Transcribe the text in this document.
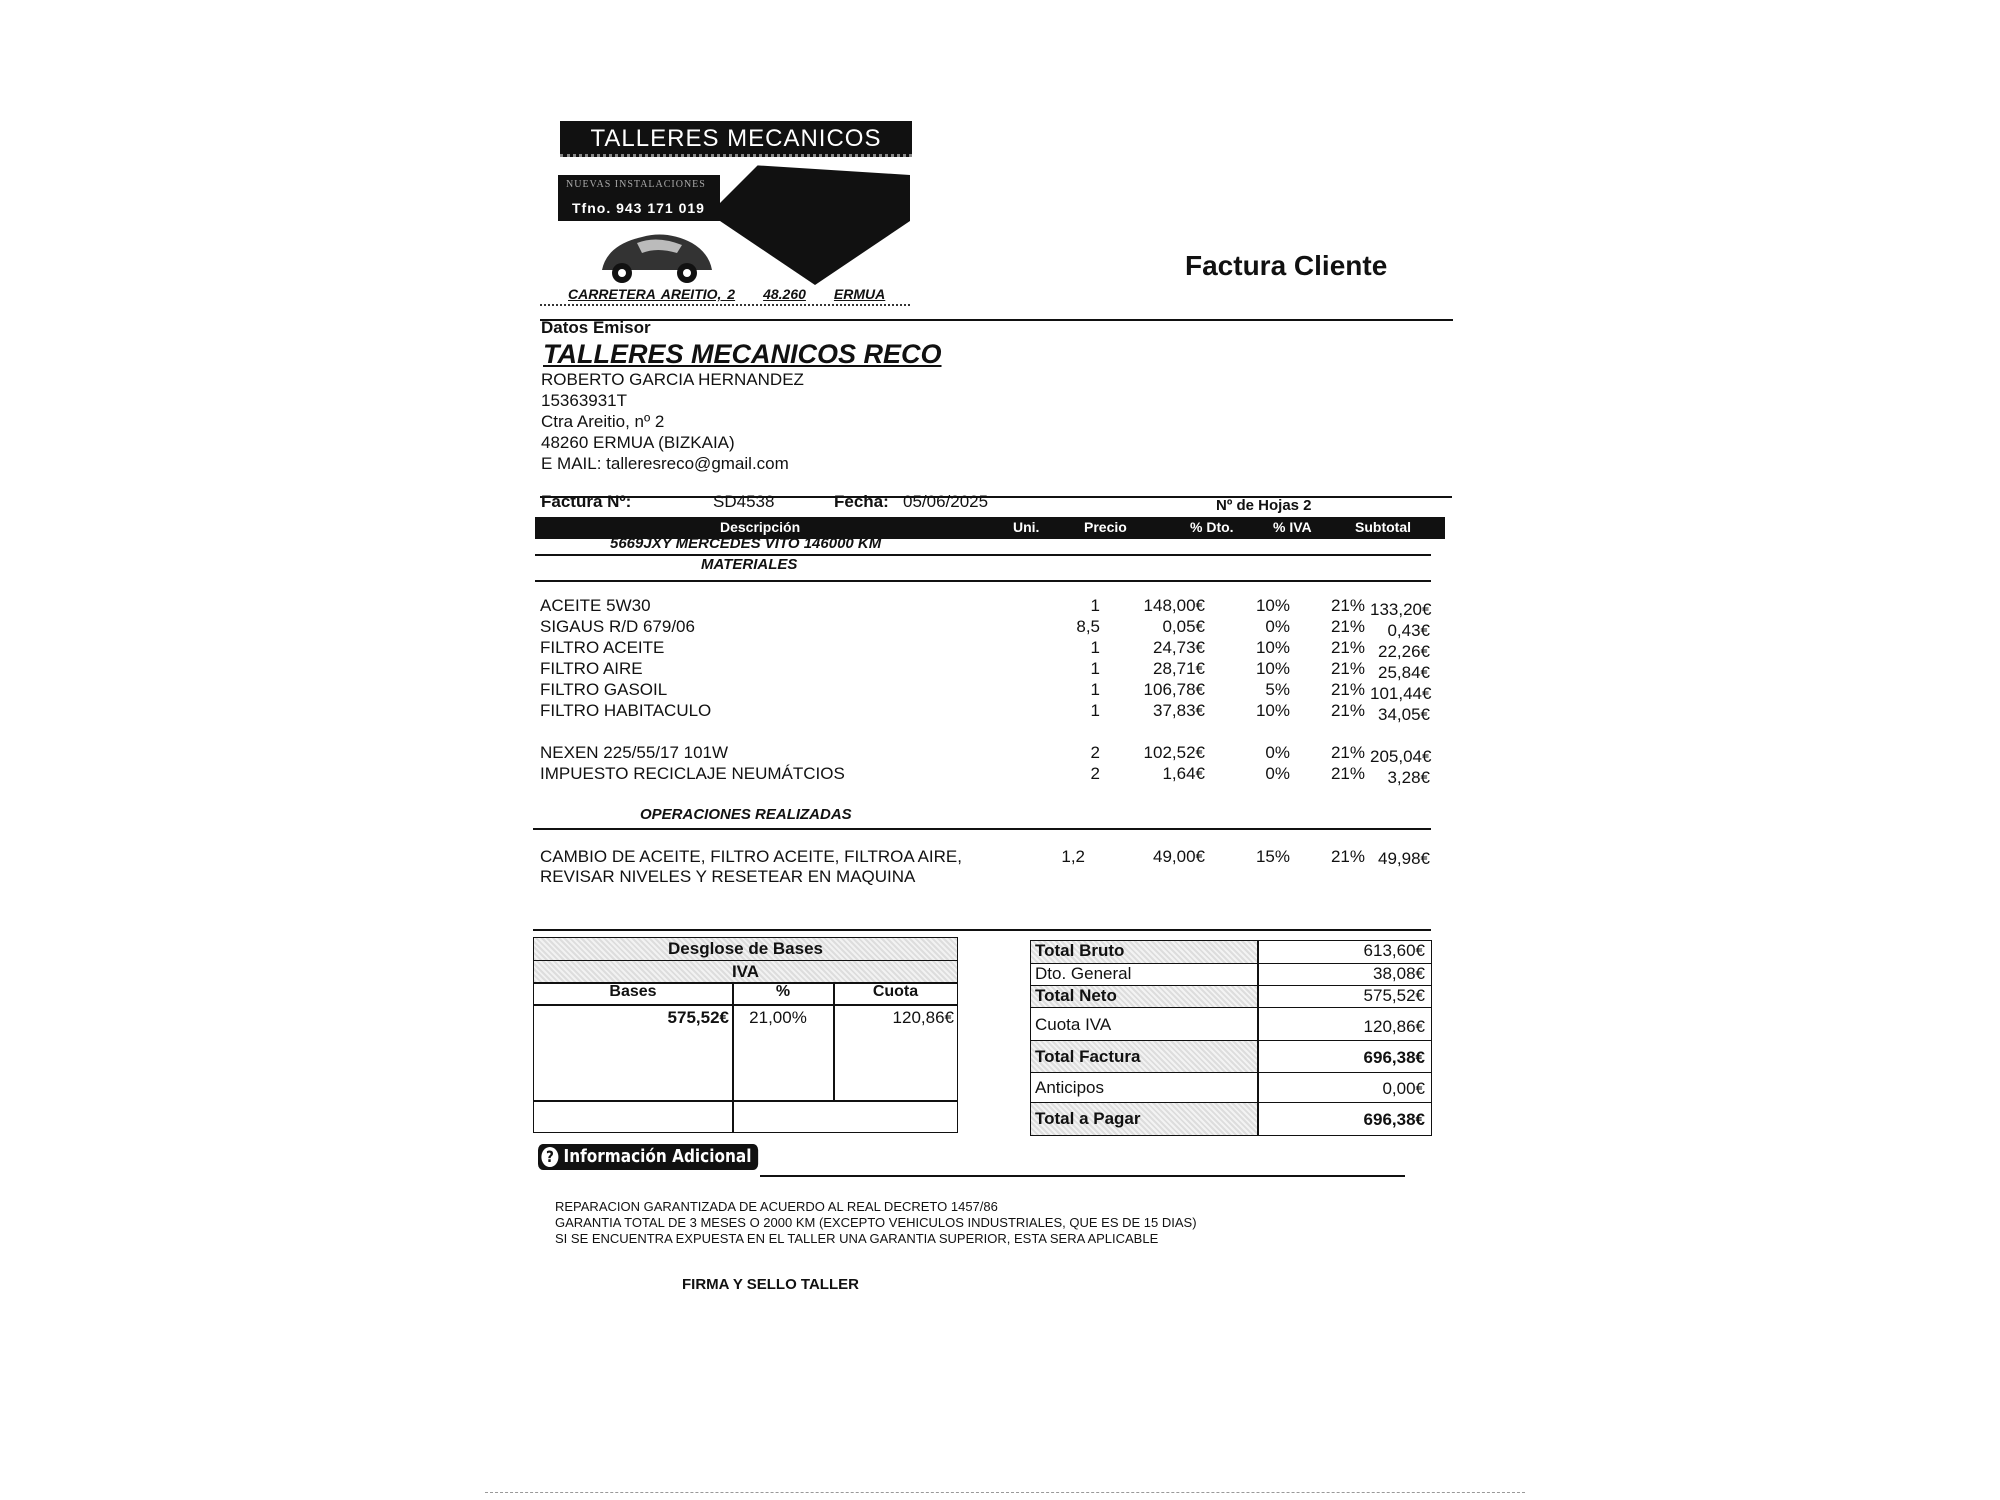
TALLERES MECANICOS
NUEVAS INSTALACIONES
Tfno. 943 171 019
CARRETERA AREITIO, 2 48.260 ERMUA
Factura Cliente
Datos Emisor
TALLERES MECANICOS RECO
ROBERTO GARCIA HERNANDEZ
15363931T
Ctra Areitio, nº 2
48260 ERMUA (BIZKAIA)
E MAIL: talleresreco@gmail.com
Factura Nº:	SD4538	Fecha: 05/06/2025	Nº de Hojas 2
Descripción	Uni.	Precio	% Dto.	% IVA	Subtotal
5669JXY MERCEDES VITO 146000 KM
MATERIALES
ACEITE 5W30	1	148,00€	10%	21% 133,20€
SIGAUS R/D 679/06	8,5	0,05€	0%	21%	0,43€
FILTRO ACEITE	1	24,73€	10%	21% 22,26€
FILTRO AIRE	1	28,71€	10%	21% 25,84€
FILTRO GASOIL	1	106,78€	5%	21% 101,44€
FILTRO HABITACULO	1	37,83€	10%	21% 34,05€
NEXEN 225/55/17 101W	2	102,52€	0%	21% 205,04€
IMPUESTO RECICLAJE NEUMÁTCIOS	2	1,64€	0%	21%	3,28€
OPERACIONES REALIZADAS
CAMBIO DE ACEITE, FILTRO ACEITE, FILTROA AIRE, REVISAR NIVELES Y RESETEAR EN MAQUINA
1,2	49,00€	15%	21% 49,98€
Desglose de Bases
IVA
Bases	%	Cuota
575,52€	21,00%	120,86€
Total Bruto	613,60€
Dto. General	38,08€
Total Neto	575,52€
Cuota IVA	120,86€
Total Factura	696,38€
Anticipos	0,00€
Total a Pagar	696,38€
? Información Adicional
REPARACION GARANTIZADA DE ACUERDO AL REAL DECRETO 1457/86
GARANTIA TOTAL DE 3 MESES O 2000 KM (EXCEPTO VEHICULOS INDUSTRIALES, QUE ES DE 15 DIAS)
SI SE ENCUENTRA EXPUESTA EN EL TALLER UNA GARANTIA SUPERIOR, ESTA SERA APLICABLE
FIRMA Y SELLO TALLER
